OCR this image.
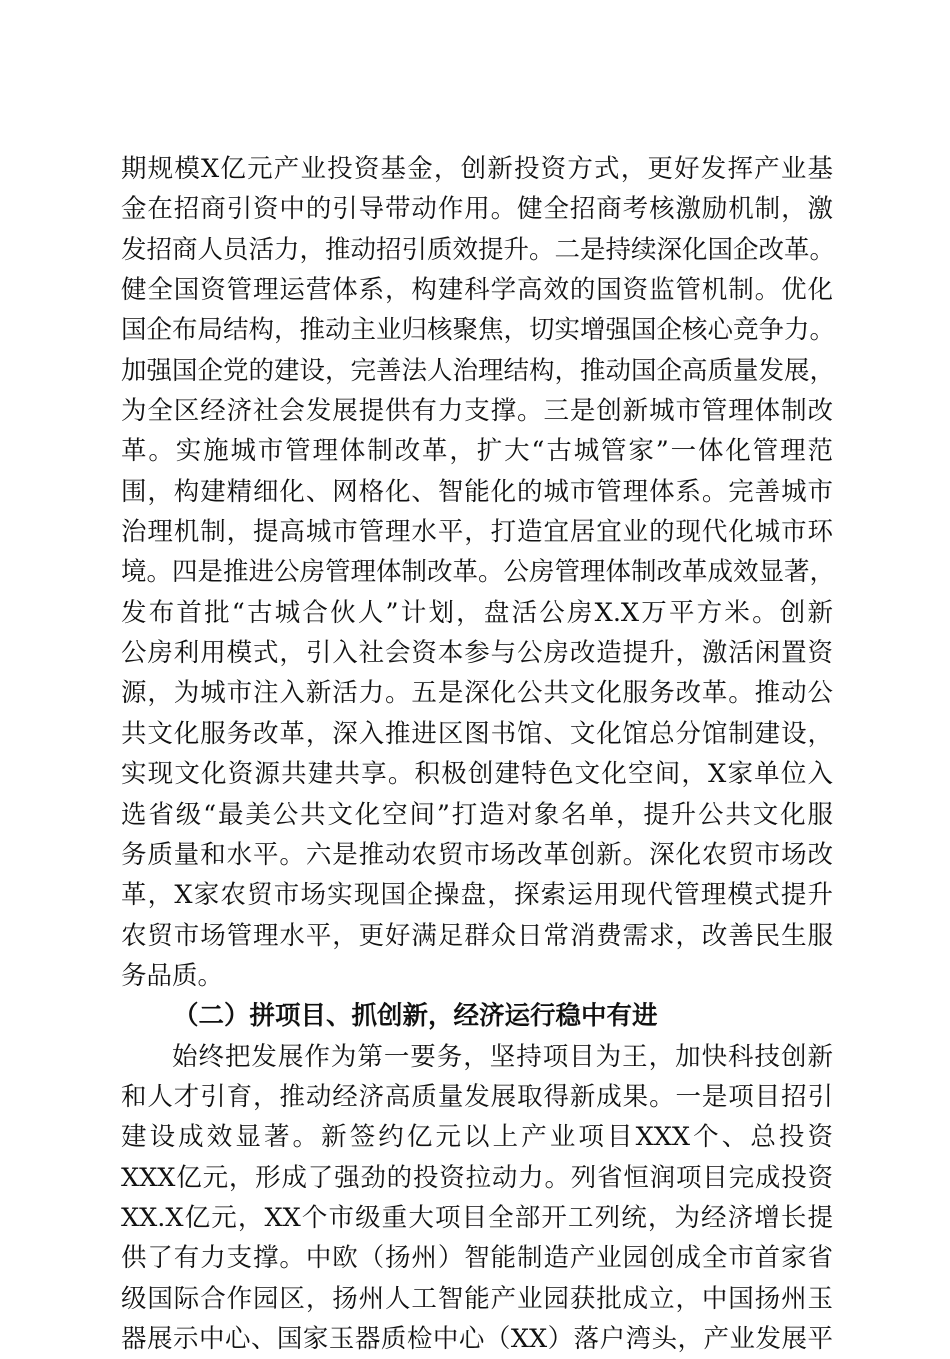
期规模X亿元产业投资基金，创新投资方式，更好发挥产业基
金在招商引资中的引导带动作用。健全招商考核激励机制，激
发招商人员活力，推动招引质效提升。二是持续深化国企改革。
健全国资管理运营体系，构建科学高效的国资监管机制。优化
国企布局结构，推动主业归核聚焦，切实增强国企核心竞争力。
加强国企党的建设，完善法人治理结构，推动国企高质量发展，
为全区经济社会发展提供有力支撑。三是创新城市管理体制改
革。实施城市管理体制改革，扩大“古城管家”一体化管理范
围，构建精细化、网格化、智能化的城市管理体系。完善城市
治理机制，提高城市管理水平，打造宜居宜业的现代化城市环
境。四是推进公房管理体制改革。公房管理体制改革成效显著，
发布首批“古城合伙人”计划，盘活公房X.X万平方米。创新
公房利用模式，引入社会资本参与公房改造提升，激活闲置资
源，为城市注入新活力。五是深化公共文化服务改革。推动公
共文化服务改革，深入推进区图书馆、文化馆总分馆制建设，
实现文化资源共建共享。积极创建特色文化空间，X家单位入
选省级“最美公共文化空间”打造对象名单，提升公共文化服
务质量和水平。六是推动农贸市场改革创新。深化农贸市场改
革，X家农贸市场实现国企操盘，探索运用现代管理模式提升
农贸市场管理水平，更好满足群众日常消费需求，改善民生服
务品质。
（二）拼项目、抓创新，经济运行稳中有进
始终把发展作为第一要务，坚持项目为王，加快科技创新
和人才引育，推动经济高质量发展取得新成果。一是项目招引
建设成效显著。新签约亿元以上产业项目XXX个、总投资
XXX亿元，形成了强劲的投资拉动力。列省恒润项目完成投资
XX.X亿元，XX个市级重大项目全部开工列统，为经济增长提
供了有力支撑。中欧（扬州）智能制造产业园创成全市首家省
级国际合作园区，扬州人工智能产业园获批成立，中国扬州玉
器展示中心、国家玉器质检中心（XX）落户湾头，产业发展平
